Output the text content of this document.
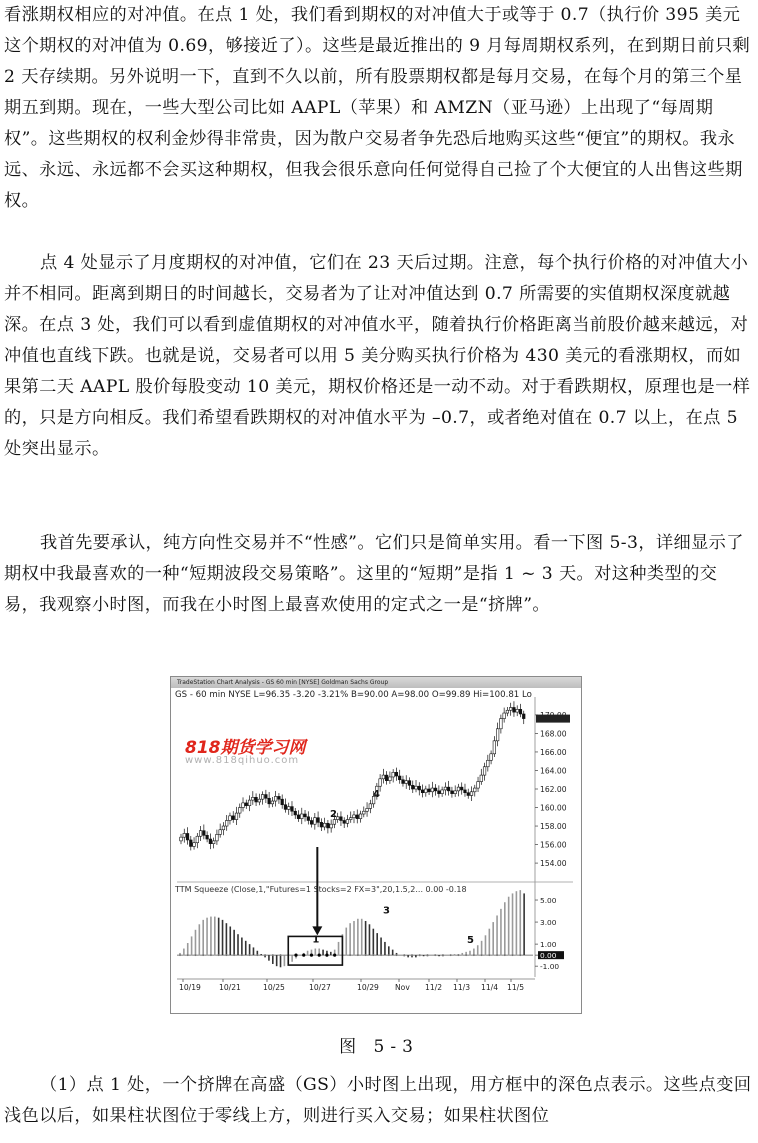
看涨期权相应的对冲值。在点 1 处，我们看到期权的对冲值大于或等于 0.7（执行价 395 美元这个期权的对冲值为 0.69，够接近了）。这些是最近推出的 9 月每周期权系列，在到期日前只剩 2 天存续期。另外说明一下，直到不久以前，所有股票期权都是每月交易，在每个月的第三个星期五到期。现在，一些大型公司比如 AAPL（苹果）和 AMZN（亚马逊）上出现了“每周期权”。这些期权的权利金炒得非常贵，因为散户交易者争先恐后地购买这些“便宜”的期权。我永远、永远、永远都不会买这种期权，但我会很乐意向任何觉得自己捡了个大便宜的人出售这些期权。

点 4 处显示了月度期权的对冲值，它们在 23 天后过期。注意，每个执行价格的对冲值大小并不相同。距离到期日的时间越长，交易者为了让对冲值达到 0.7 所需要的实值期权深度就越深。在点 3 处，我们可以看到虚值期权的对冲值水平，随着执行价格距离当前股价越来越远，对冲值也直线下跌。也就是说，交易者可以用 5 美分购买执行价格为 430 美元的看涨期权，而如果第二天 AAPL 股价每股变动 10 美元，期权价格还是一动不动。对于看跌期权，原理也是一样的，只是方向相反。我们希望看跌期权的对冲值水平为 –0.7，或者绝对值在 0.7 以上，在点 5 处突出显示。

我首先要承认，纯方向性交易并不“性感”。它们只是简单实用。看一下图 5-3，详细显示了期权中我最喜欢的一种“短期波段交易策略”。这里的“短期”是指 1 ~ 3 天。对这种类型的交易，我观察小时图，而我在小时图上最喜欢使用的定式之一是“挤牌”。

TradeStation Chart Analysis - GS 60 min [NYSE] Goldman Sachs Group
GS - 60 min NYSE L=96.35 -3.20 -3.21% B=90.00 A=98.00 O=99.89 Hi=100.81 Lo
818期货学习网
www.818qihuo.com
TTM Squeeze (Close,1,"Futures=1 Stocks=2 FX=3",20,1.5,2... 0.00 -0.18
168.00
166.00
164.00
162.00
160.00
158.00
156.00
154.00
5.00
3.00
1.00
0.00
-1.00
2
4
1
3
5
10/19 10/21	10/25	10/27	10/29 Nov 11/2 11/3 11/4 11/5
图 5-3

（1）点 1 处，一个挤牌在高盛（GS）小时图上出现，用方框中的深色点表示。这些点变回浅色以后，如果柱状图位于零线上方，则进行买入交易；如果柱状图位
